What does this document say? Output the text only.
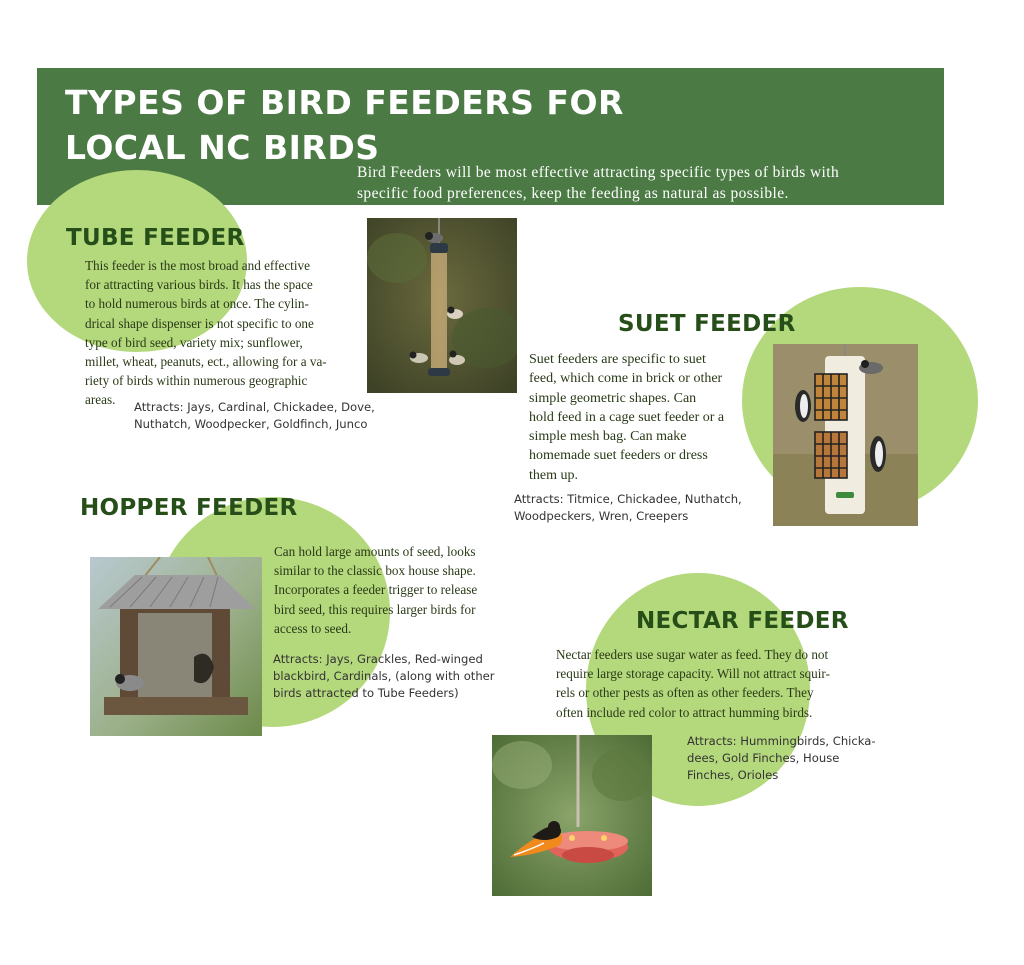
TYPES OF BIRD FEEDERS FOR
LOCAL NC BIRDS

Bird Feeders will be most effective attracting specific types of birds with
specific food preferences, keep the feeding as natural as possible.

TUBE FEEDER

This feeder is the most broad and effective
for attracting various birds. It has the space
to hold numerous birds at once. The cylin-
drical shape dispenser is not specific to one
type of bird seed, variety mix; sunflower,
millet, wheat, peanuts, ect., allowing for a va-
riety of birds within numerous geographic
areas.	Attracts: Jays, Cardinal, Chickadee, Dove,
Nuthatch, Woodpecker, Goldfinch, Junco

SUET FEEDER

Suet feeders are specific to suet
feed, which come in brick or other
simple geometric shapes. Can
hold feed in a cage suet feeder or a
simple mesh bag. Can make
homemade suet feeders or dress
them up.

Attracts: Titmice, Chickadee, Nuthatch,
Woodpeckers, Wren, Creepers

HOPPER FEEDER

Can hold large amounts of seed, looks
similar to the classic box house shape.
Incorporates a feeder trigger to release
bird seed, this requires larger birds for
access to seed.

Attracts: Jays, Grackles, Red-winged
blackbird, Cardinals, (along with other
birds attracted to Tube Feeders)

NECTAR FEEDER

Nectar feeders use sugar water as feed. They do not
require large storage capacity. Will not attract squir-
rels or other pests as often as other feeders. They
often include red color to attract humming birds.

Attracts: Hummingbirds, Chicka-
dees, Gold Finches, House
Finches, Orioles
